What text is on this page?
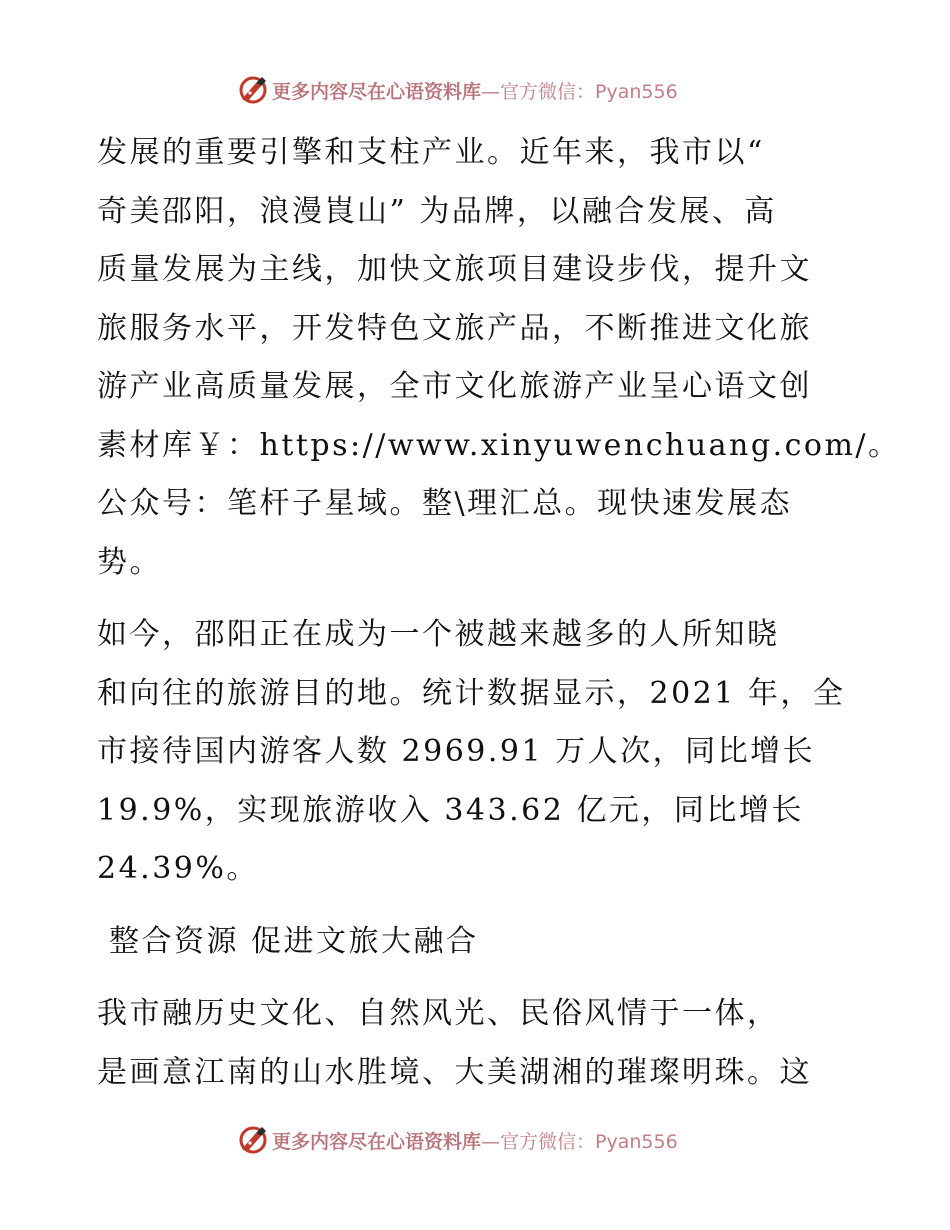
更多内容尽在心语资料库 —官方微信：Pyan556

发展的重要引擎和支柱产业。近年来，我市以“
奇美邵阳，浪漫崀山” 为品牌，以融合发展、高
质量发展为主线，加快文旅项目建设步伐，提升文
旅服务水平，开发特色文旅产品，不断推进文化旅
游产业高质量发展，全市文化旅游产业呈心语文创
素材库￥：https://www.xinyuwenchuang.com/。
公众号：笔杆子星域。整\理汇总。现快速发展态
势。

如今，邵阳正在成为一个被越来越多的人所知晓
和向往的旅游目的地。统计数据显示，2021 年，全
市接待国内游客人数 2969.91 万人次，同比增长
19.9%，实现旅游收入 343.62 亿元，同比增长
24.39%。

整合资源 促进文旅大融合

我市融历史文化、自然风光、民俗风情于一体，
是画意江南的山水胜境、大美湖湘的璀璨明珠。这

更多内容尽在心语资料库 —官方微信：Pyan556
